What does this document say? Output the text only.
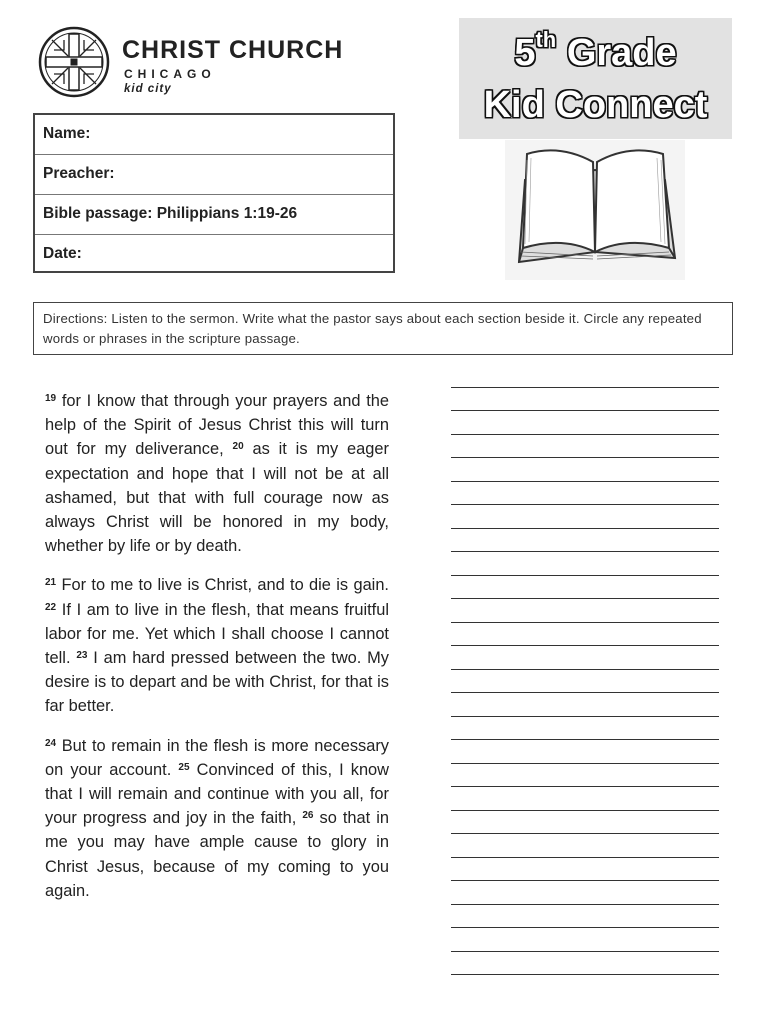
CHRIST CHURCH
CHICAGO
kid city
5th Grade
Kid Connect
Name:
Preacher:
Bible passage: Philippians 1:19-26
Date:
Directions: Listen to the sermon. Write what the pastor says about each section beside it. Circle any repeated words or phrases in the scripture passage.

$^{19}$ for I know that through your prayers and the help of the Spirit of Jesus Christ this will turn out for my deliverance, $^{20}$ as it is my eager expectation and hope that I will not be at all ashamed, but that with full courage now as always Christ will be honored in my body, whether by life or by death.

$^{21}$ For to me to live is Christ, and to die is gain. $^{22}$ If I am to live in the flesh, that means fruitful labor for me. Yet which I shall choose I cannot tell. $^{23}$ I am hard pressed between the two. My desire is to depart and be with Christ, for that is far better.

$^{24}$ But to remain in the flesh is more necessary on your account. $^{25}$ Convinced of this, I know that I will remain and continue with you all, for your progress and joy in the faith, $^{26}$ so that in me you may have ample cause to glory in Christ Jesus, because of my coming to you again.
